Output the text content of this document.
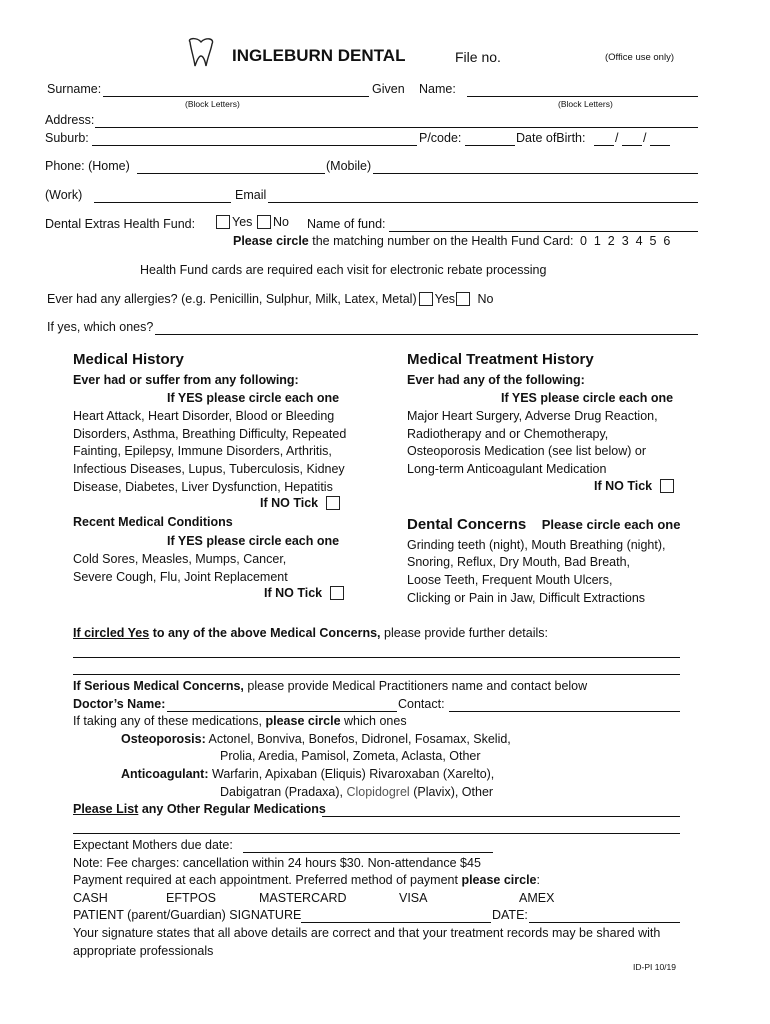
INGLEBURN DENTAL	File no.	(Office use only)
Surname:	Given Name:
(Block Letters)	(Block Letters)
Address:
Suburb:	P/code:	Date ofBirth: / /
Phone: (Home)	(Mobile)
(Work)	Email
Dental Extras Health Fund:	Yes	No Name of fund:
Please circle the matching number on the Health Fund Card: 0  1  2  3  4  5  6
Health Fund cards are required each visit for electronic rebate processing
Ever had any allergies? (e.g. Penicillin, Sulphur, Milk, Latex, Metal) Yes No
If yes, which ones?
Medical History
Ever had or suffer from any following:
If YES please circle each one
Heart Attack, Heart Disorder, Blood or Bleeding
Disorders, Asthma, Breathing Difficulty, Repeated
Fainting, Epilepsy, Immune Disorders, Arthritis,
Infectious Diseases, Lupus, Tuberculosis, Kidney
Disease, Diabetes, Liver Dysfunction, Hepatitis
If NO Tick
Recent Medical Conditions
If YES please circle each one
Cold Sores, Measles, Mumps, Cancer,
Severe Cough, Flu, Joint Replacement
If NO Tick
Medical Treatment History
Ever had any of the following:
If YES please circle each one
Major Heart Surgery, Adverse Drug Reaction,
Radiotherapy and or Chemotherapy,
Osteoporosis Medication (see list below) or
Long-term Anticoagulant Medication
If NO Tick
Dental Concerns Please circle each one
Grinding teeth (night), Mouth Breathing (night),
Snoring, Reflux, Dry Mouth, Bad Breath,
Loose Teeth, Frequent Mouth Ulcers,
Clicking or Pain in Jaw, Difficult Extractions
If circled Yes to any of the above Medical Concerns, please provide further details:
If Serious Medical Concerns, please provide Medical Practitioners name and contact below
Doctor’s Name:	Contact:
If taking any of these medications, please circle which ones
Osteoporosis: Actonel, Bonviva, Bonefos, Didronel, Fosamax, Skelid,
Prolia, Aredia, Pamisol, Zometa, Aclasta, Other
Anticoagulant: Warfarin, Apixaban (Eliquis) Rivaroxaban (Xarelto),
Dabigatran (Pradaxa), Clopidogrel (Plavix), Other
Please List any Other Regular Medications
Expectant Mothers due date:
Note: Fee charges: cancellation within 24 hours $30. Non-attendance $45
Payment required at each appointment. Preferred method of payment please circle:
CASH	EFTPOS	MASTERCARD	VISA	AMEX
PATIENT (parent/Guardian) SIGNATURE	DATE:
Your signature states that all above details are correct and that your treatment records may be shared with
appropriate professionals
ID-PI 10/19
